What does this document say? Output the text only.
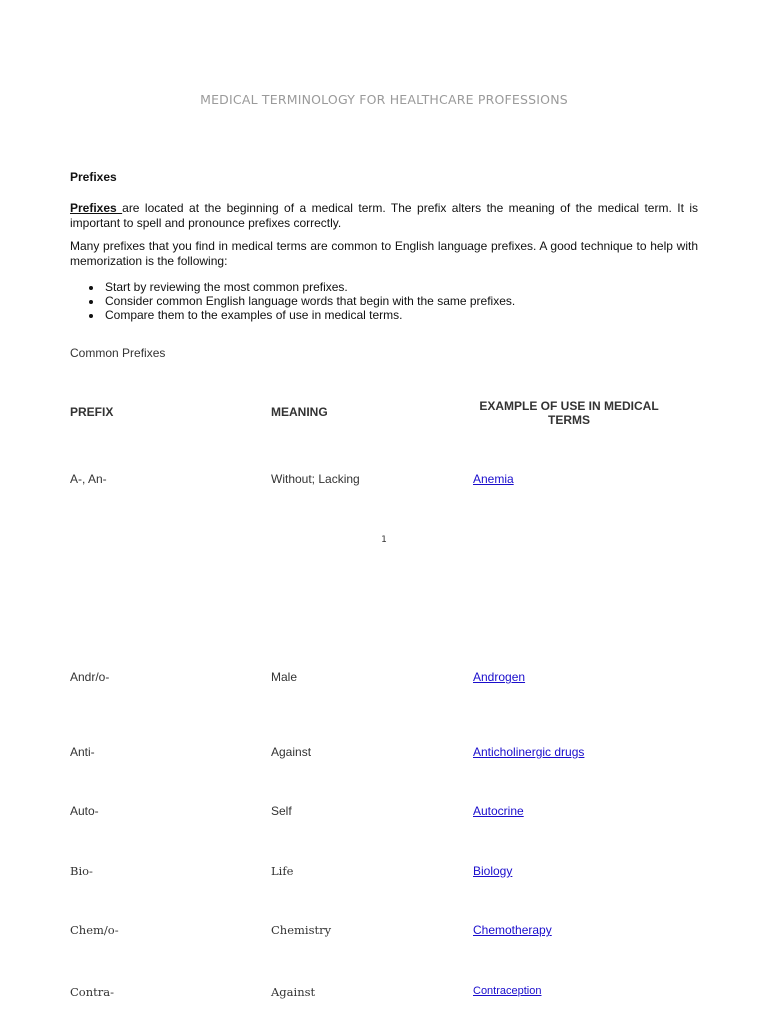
MEDICAL TERMINOLOGY FOR HEALTHCARE PROFESSIONS
Prefixes

Prefixes are located at the beginning of a medical term. The prefix alters the meaning of the medical term. It is important to spell and pronounce prefixes correctly.

Many prefixes that you find in medical terms are common to English language prefixes. A good technique to help with memorization is the following:

Start by reviewing the most common prefixes.
Consider common English language words that begin with the same prefixes.
Compare them to the examples of use in medical terms.
Common Prefixes
PREFIX	MEANING	EXAMPLE OF USE IN MEDICAL TERMS
A-, An-	Without; Lacking	Anemia
1
Andr/o-	Male	Androgen
Anti-	Against	Anticholinergic drugs
Auto-	Self	Autocrine
Bio-	Life	Biology
Chem/o-	Chemistry	Chemotherapy
Contra-	Against	Contraception
